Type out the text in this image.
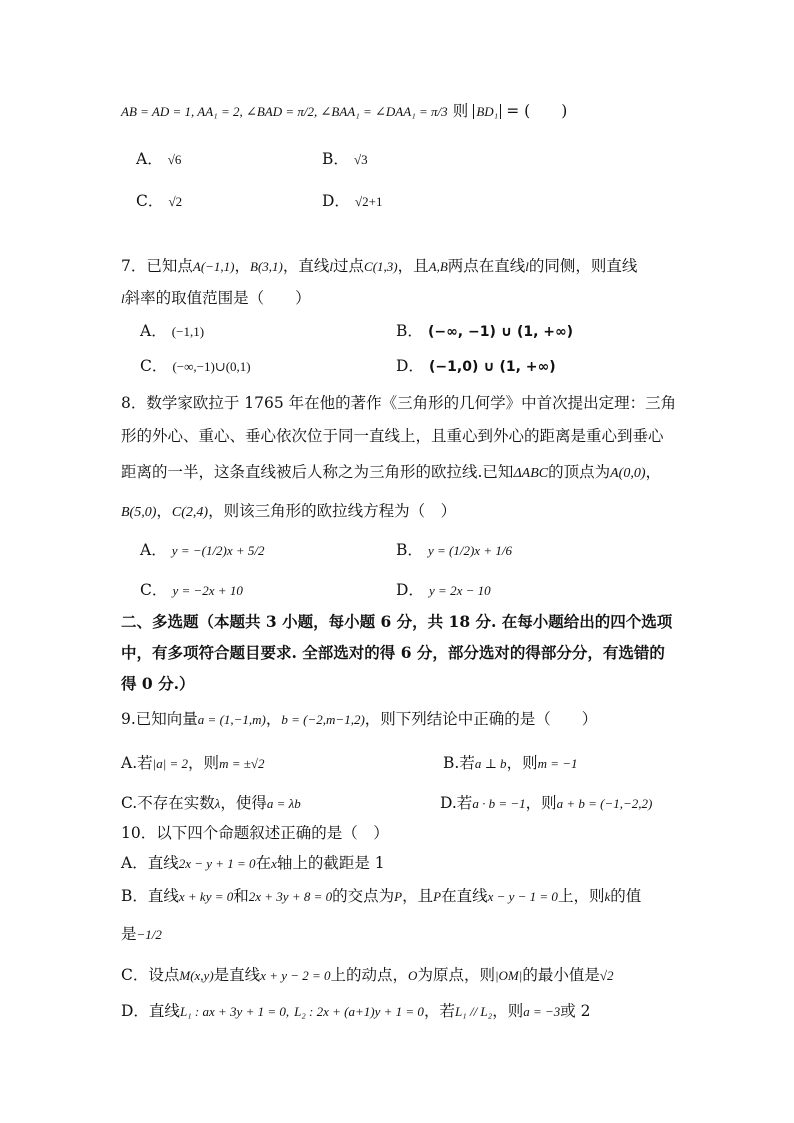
AB = AD = 1, AA₁ = 2, ∠BAD = π/2, ∠BAA₁ = ∠DAA₁ = π/3 则 BD₁ = (　　)
A． √6	B． √3
C． √2	D． √2+1
7．已知点A(−1,1)，B(3,1)，直线l过点C(1,3)，且A,B两点在直线l的同侧，则直线
l斜率的取值范围是（　　）
A． (−1,1)	B． (−∞, −1) ∪ (1, +∞)
C． (−∞,−1)∪(0,1)	D． (−1,0) ∪ (1, +∞)
8．数学家欧拉于 1765 年在他的著作《三角形的几何学》中首次提出定理：三角
形的外心、重心、垂心依次位于同一直线上，且重心到外心的距离是重心到垂心
距离的一半，这条直线被后人称之为三角形的欧拉线.已知ΔABC的顶点为A(0,0)，
B(5,0)，C(2,4)，则该三角形的欧拉线方程为（　）
A． y = −(1/2)x + 5/2	B． y = (1/2)x + 1/6
C． y = −2x + 10	D． y = 2x − 10
二、多选题（本题共 3 小题，每小题 6 分，共 18 分. 在每小题给出的四个选项
中，有多项符合题目要求. 全部选对的得 6 分，部分选对的得部分分，有选错的
得 0 分.）
9.已知向量a = (1,−1,m)，b = (−2,m−1,2)，则下列结论中正确的是（　　）
A.若|a| = 2，则m = ±√2	B.若a ⊥ b，则m = −1
C.不存在实数λ，使得a = λb	D.若a · b = −1，则a + b = (−1,−2,2)
10．以下四个命题叙述正确的是（　）
A．直线2x − y + 1 = 0在x轴上的截距是 1
B．直线x + ky = 0和2x + 3y + 8 = 0的交点为P，且P在直线x − y − 1 = 0上，则k的值
是−1/2
C．设点M(x,y)是直线x + y − 2 = 0上的动点，O为原点，则|OM|的最小值是√2
D．直线L₁ : ax + 3y + 1 = 0, L₂ : 2x + (a+1)y + 1 = 0，若L₁ // L₂，则a = −3或 2
